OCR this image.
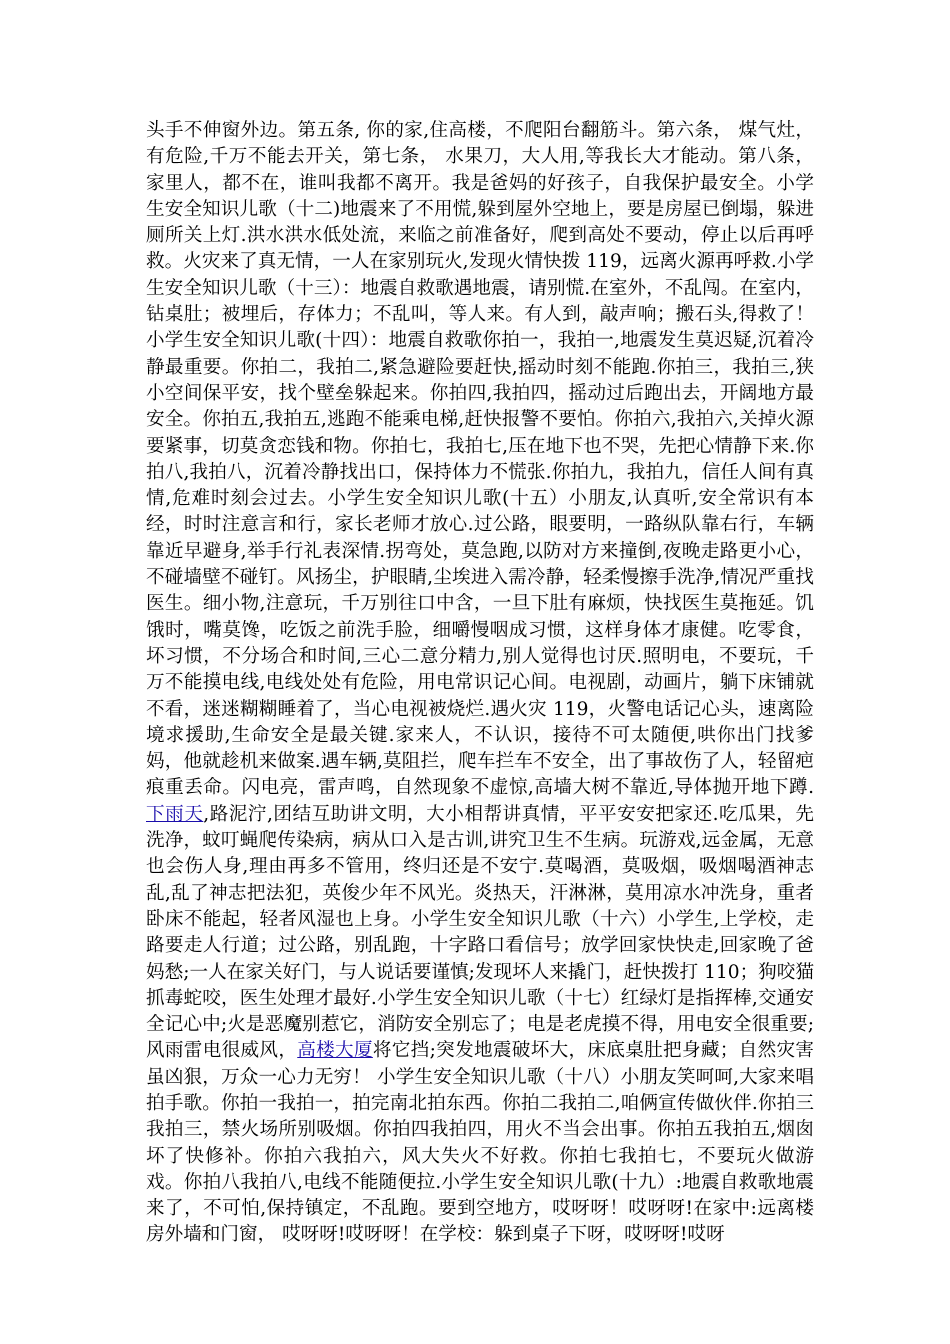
头手不伸窗外边。第五条, 你的家,住高楼，不爬阳台翻筋斗。第六条， 煤气灶，有危险,千万不能去开关，第七条， 水果刀，大人用,等我长大才能动。第八条， 家里人，都不在，谁叫我都不离开。我是爸妈的好孩子，自我保护最安全。小学生安全知识儿歌（十二)地震来了不用慌,躲到屋外空地上，要是房屋已倒塌，躲进厕所关上灯.洪水洪水低处流，来临之前准备好，爬到高处不要动，停止以后再呼救。火灾来了真无情，一人在家别玩火,发现火情快拨 119，远离火源再呼救.小学生安全知识儿歌（十三）：地震自救歌遇地震，请别慌.在室外，不乱闯。在室内，钻桌肚；被埋后，存体力；不乱叫，等人来。有人到，敲声响；搬石头,得救了！ 小学生安全知识儿歌(十四）：地震自救歌你拍一，我拍一,地震发生莫迟疑,沉着冷静最重要。你拍二，我拍二,紧急避险要赶快,摇动时刻不能跑.你拍三，我拍三,狭小空间保平安，找个壁垒躲起来。你拍四,我拍四，摇动过后跑出去，开阔地方最安全。你拍五,我拍五,逃跑不能乘电梯,赶快报警不要怕。你拍六,我拍六,关掉火源要紧事，切莫贪恋钱和物。你拍七，我拍七,压在地下也不哭，先把心情静下来.你拍八,我拍八，沉着冷静找出口，保持体力不慌张.你拍九，我拍九，信任人间有真情,危难时刻会过去。小学生安全知识儿歌(十五）小朋友,认真听,安全常识有本经，时时注意言和行，家长老师才放心.过公路，眼要明，一路纵队靠右行，车辆靠近早避身,举手行礼表深情.拐弯处，莫急跑,以防对方来撞倒,夜晚走路更小心，不碰墙壁不碰钉。风扬尘，护眼睛,尘埃进入需冷静，轻柔慢擦手洗净,情况严重找医生。细小物,注意玩，千万别往口中含，一旦下肚有麻烦，快找医生莫拖延。饥饿时，嘴莫馋，吃饭之前洗手脸，细嚼慢咽成习惯，这样身体才康健。吃零食，坏习惯，不分场合和时间,三心二意分精力,别人觉得也讨厌.照明电，不要玩，千万不能摸电线,电线处处有危险，用电常识记心间。电视剧，动画片，躺下床铺就不看，迷迷糊糊睡着了，当心电视被烧烂.遇火灾 119，火警电话记心头，速离险境求援助,生命安全是最关键.家来人，不认识，接待不可太随便,哄你出门找爹妈，他就趁机来做案.遇车辆,莫阻拦，爬车拦车不安全，出了事故伤了人，轻留疤痕重丢命。闪电亮，雷声鸣，自然现象不虚惊,高墙大树不靠近,导体抛开地下蹲.下雨天,路泥泞,团结互助讲文明，大小相帮讲真情，平平安安把家还.吃瓜果，先洗净，蚊叮蝇爬传染病，病从口入是古训,讲究卫生不生病。玩游戏,远金属，无意也会伤人身,理由再多不管用，终归还是不安宁.莫喝酒，莫吸烟，吸烟喝酒神志乱,乱了神志把法犯，英俊少年不风光。炎热天，汗淋淋，莫用凉水冲洗身，重者卧床不能起，轻者风湿也上身。小学生安全知识儿歌（十六）小学生,上学校，走路要走人行道；过公路，别乱跑，十字路口看信号；放学回家快快走,回家晚了爸妈愁;一人在家关好门，与人说话要谨慎;发现坏人来撬门，赶快拨打 110；狗咬猫抓毒蛇咬，医生处理才最好.小学生安全知识儿歌（十七）红绿灯是指挥棒,交通安全记心中;火是恶魔别惹它，消防安全别忘了；电是老虎摸不得，用电安全很重要;风雨雷电很威风，高楼大厦将它挡;突发地震破坏大，床底桌肚把身藏；自然灾害虽凶狠，万众一心力无穷！ 小学生安全知识儿歌（十八）小朋友笑呵呵,大家来唱拍手歌。你拍一我拍一，拍完南北拍东西。你拍二我拍二,咱俩宣传做伙伴.你拍三我拍三，禁火场所别吸烟。你拍四我拍四，用火不当会出事。你拍五我拍五,烟囱坏了快修补。你拍六我拍六，风大失火不好救。你拍七我拍七，不要玩火做游戏。你拍八我拍八,电线不能随便拉.小学生安全知识儿歌(十九）:地震自救歌地震来了，不可怕,保持镇定，不乱跑。要到空地方，哎呀呀！哎呀呀!在家中:远离楼房外墙和门窗， 哎呀呀!哎呀呀！在学校：躲到桌子下呀，哎呀呀!哎呀
